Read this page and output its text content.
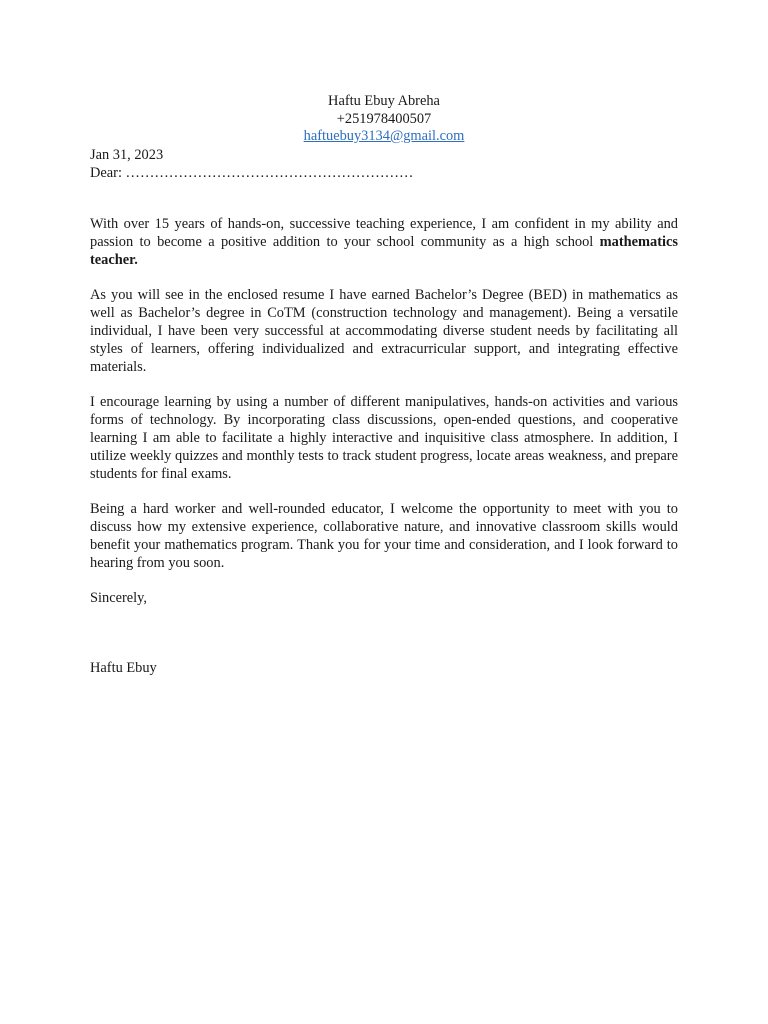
Haftu Ebuy Abreha
+251978400507
haftuebuy3134@gmail.com
Jan 31, 2023
Dear: ……………………………………………………

With over 15 years of hands-on, successive teaching experience, I am confident in my ability and passion to become a positive addition to your school community as a high school mathematics teacher.

As you will see in the enclosed resume I have earned Bachelor’s Degree (BED) in mathematics as well as Bachelor’s degree in CoTM (construction technology and management). Being a versatile individual, I have been very successful at accommodating diverse student needs by facilitating all styles of learners, offering individualized and extracurricular support, and integrating effective materials.

I encourage learning by using a number of different manipulatives, hands-on activities and various forms of technology. By incorporating class discussions, open-ended questions, and cooperative learning I am able to facilitate a highly interactive and inquisitive class atmosphere. In addition, I utilize weekly quizzes and monthly tests to track student progress, locate areas weakness, and prepare students for final exams.

Being a hard worker and well-rounded educator, I welcome the opportunity to meet with you to discuss how my extensive experience, collaborative nature, and innovative classroom skills would benefit your mathematics program. Thank you for your time and consideration, and I look forward to hearing from you soon.

Sincerely,
Haftu Ebuy
